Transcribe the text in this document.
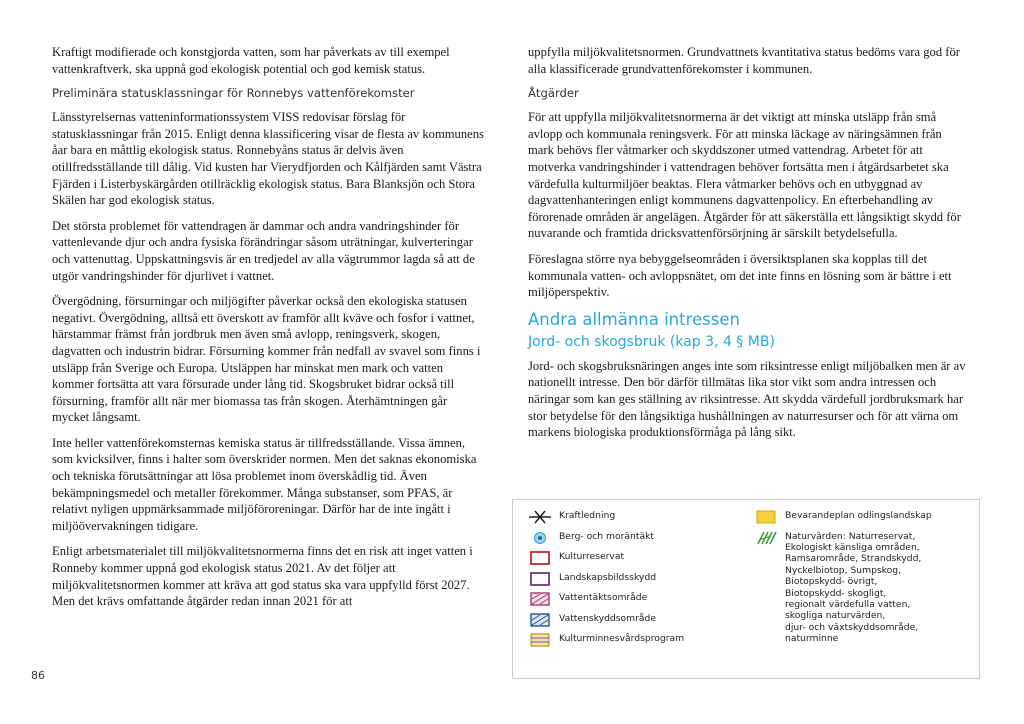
Kraftigt modifierade och konstgjorda vatten, som har påverkats av till exempel vattenkraftverk, ska uppnå god ekologisk potential och god kemisk status.

Preliminära statusklassningar för Ronnebys vattenförekomster

Länsstyrelsernas vatteninformationssystem VISS redovisar förslag för statusklassningar från 2015. Enligt denna klassificering visar de flesta av kommunens åar bara en måttlig ekologisk status. Ronnebyåns status är delvis även otillfredsställande till dålig. Vid kusten har Vierydfjorden och Kålfjärden samt Västra Fjärden i Listerbyskärgården otillräcklig ekologisk status. Bara Blanksjön och Stora Skälen har god ekologisk status.

Det största problemet för vattendragen är dammar och andra vandringshinder för vattenlevande djur och andra fysiska förändringar såsom uträtningar, kulverteringar och vattenuttag. Uppskattningsvis är en tredjedel av alla vägtrummor lagda så att de utgör vandringshinder för djurlivet i vattnet.

Övergödning, försurningar och miljögifter påverkar också den ekologiska statusen negativt. Övergödning, alltså ett överskott av framför allt kväve och fosfor i vattnet, härstammar främst från jordbruk men även små avlopp, reningsverk, skogen, dagvatten och industrin bidrar. Försurning kommer från nedfall av svavel som finns i utsläpp från Sverige och Europa. Utsläppen har minskat men mark och vatten kommer fortsätta att vara försurade under lång tid. Skogsbruket bidrar också till försurning, framför allt när mer biomassa tas från skogen. Återhämtningen går mycket långsamt.

Inte heller vattenförekomsternas kemiska status är tillfredsställande. Vissa ämnen, som kvicksilver, finns i halter som överskrider normen. Men det saknas ekonomiska och tekniska förutsättningar att lösa problemet inom överskådlig tid. Även bekämpningsmedel och metaller förekommer. Många substanser, som PFAS, är relativt nyligen uppmärksammade miljöföroreningar. Därför har de inte ingått i miljöövervakningen tidigare.

Enligt arbetsmaterialet till miljökvalitetsnormerna finns det en risk att inget vatten i Ronneby kommer uppnå god ekologisk status 2021. Av det följer att miljökvalitetsnormen kommer att kräva att god status ska vara uppfylld först 2027. Men det krävs omfattande åtgärder redan innan 2021 för att

uppfylla miljökvalitetsnormen. Grundvattnets kvantitativa status bedöms vara god för alla klassificerade grundvattenförekomster i kommunen.

Åtgärder

För att uppfylla miljökvalitetsnormerna är det viktigt att minska utsläpp från små avlopp och kommunala reningsverk. För att minska läckage av näringsämnen från mark behövs fler våtmarker och skyddszoner utmed vattendrag. Arbetet för att motverka vandringshinder i vattendragen behöver fortsätta men i åtgärdsarbetet ska värdefulla kulturmiljöer beaktas. Flera våtmarker behövs och en utbyggnad av dagvattenhanteringen enligt kommunens dagvattenpolicy. En efterbehandling av förorenade områden är angelägen. Åtgärder för att säkerställa ett långsiktigt skydd för nuvarande och framtida dricksvattenförsörjning är särskilt betydelsefulla.

Föreslagna större nya bebyggelseområden i översiktsplanen ska kopplas till det kommunala vatten- och avloppsnätet, om det inte finns en lösning som är bättre i ett miljöperspektiv.

Andra allmänna intressen
Jord- och skogsbruk (kap 3, 4 § MB)

Jord- och skogsbruksnäringen anges inte som riksintresse enligt miljöbalken men är av nationellt intresse. Den bör därför tillmätas lika stor vikt som andra intressen och näringar som kan ges ställning av riksintresse. Att skydda värdefull jordbruksmark har stor betydelse för den långsiktiga hushållningen av naturresurser och för att värna om markens biologiska produktionsförmåga på lång sikt.

Kraftledning
Berg- och moräntäkt
Kulturreservat
Landskapsbildsskydd
Vattentäktsområde
Vattenskyddsområde
Kulturminnesvårdsprogram
Bevarandeplan odlingslandskap
Naturvärden: Naturreservat,
Ekologiskt känsliga områden,
Ramsarområde, Strandskydd,
Nyckelbiotop, Sumpskog,
Biotopskydd- övrigt,
Biotopskydd- skogligt,
regionalt värdefulla vatten,
skogliga naturvärden,
djur- och växtskyddsområde,
naturminne
86
